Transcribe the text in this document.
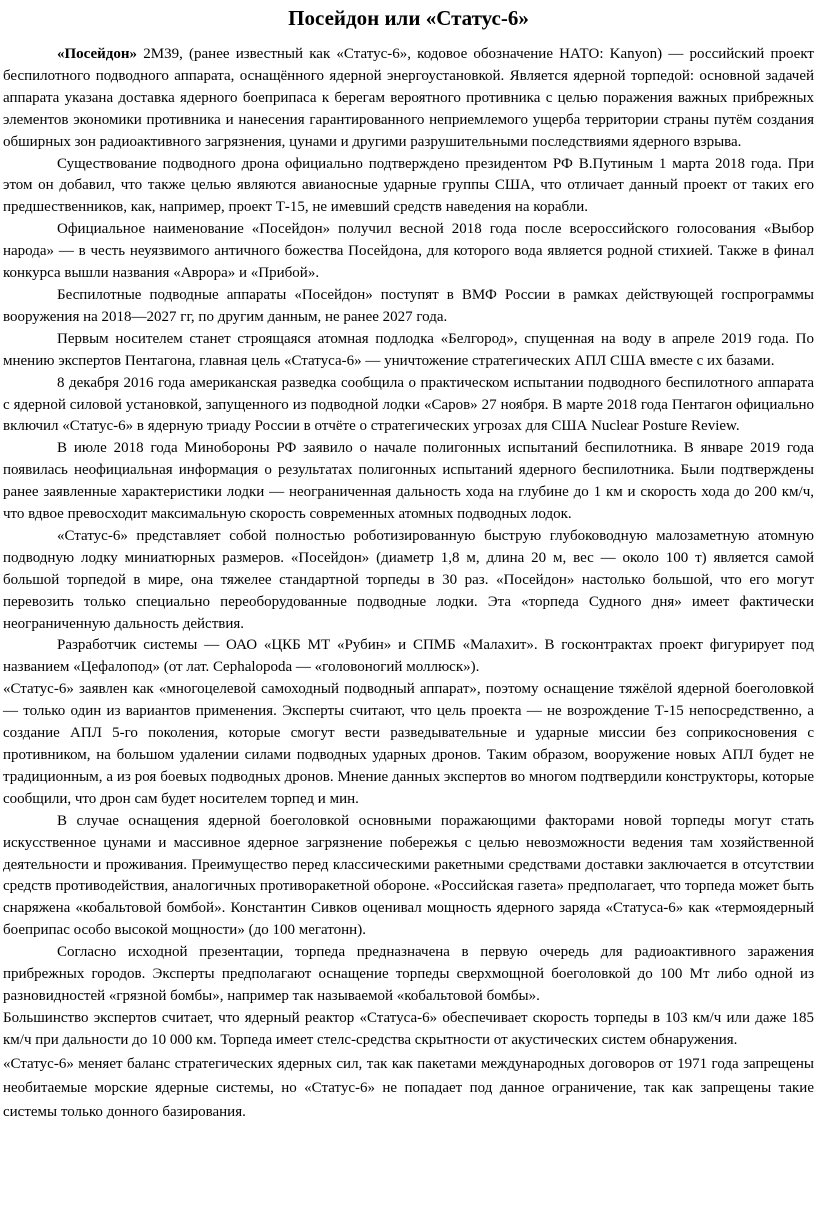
Посейдон или «Статус-6»

«Посейдон» 2М39, (ранее известный как «Статус-6», кодовое обозначение НАТО: Kanyon) — российский проект беспилотного подводного аппарата, оснащённого ядерной энергоустановкой. Является ядерной торпедой: основной задачей аппарата указана доставка ядерного боеприпаса к берегам вероятного противника с целью поражения важных прибрежных элементов экономики противника и нанесения гарантированного неприемлемого ущерба территории страны путём создания обширных зон радиоактивного загрязнения, цунами и другими разрушительными последствиями ядерного взрыва.

Существование подводного дрона официально подтверждено президентом РФ В.Путиным 1 марта 2018 года. При этом он добавил, что также целью являются авианосные ударные группы США, что отличает данный проект от таких его предшественников, как, например, проект Т-15, не имевший средств наведения на корабли.

Официальное наименование «Посейдон» получил весной 2018 года после всероссийского голосования «Выбор народа» — в честь неуязвимого античного божества Посейдона, для которого вода является родной стихией. Также в финал конкурса вышли названия «Аврора» и «Прибой».

Беспилотные подводные аппараты «Посейдон» поступят в ВМФ России в рамках действующей госпрограммы вооружения на 2018—2027 гг, по другим данным, не ранее 2027 года.

Первым носителем станет строящаяся атомная подлодка «Белгород», спущенная на воду в апреле 2019 года. По мнению экспертов Пентагона, главная цель «Статуса-6» — уничтожение стратегических АПЛ США вместе с их базами.

8 декабря 2016 года американская разведка сообщила о практическом испытании подводного беспилотного аппарата с ядерной силовой установкой, запущенного из подводной лодки «Саров» 27 ноября. В марте 2018 года Пентагон официально включил «Статус-6» в ядерную триаду России в отчёте о стратегических угрозах для США Nuclear Posture Review.

В июле 2018 года Минобороны РФ заявило о начале полигонных испытаний беспилотника. В январе 2019 года появилась неофициальная информация о результатах полигонных испытаний ядерного беспилотника. Были подтверждены ранее заявленные характеристики лодки — неограниченная дальность хода на глубине до 1 км и скорость хода до 200 км/ч, что вдвое превосходит максимальную скорость современных атомных подводных лодок.

«Статус-6» представляет собой полностью роботизированную быструю глубоководную малозаметную атомную подводную лодку миниатюрных размеров. «Посейдон» (диаметр 1,8 м, длина 20 м, вес — около 100 т) является самой большой торпедой в мире, она тяжелее стандартной торпеды в 30 раз. «Посейдон» настолько большой, что его могут перевозить только специально переоборудованные подводные лодки. Эта «торпеда Судного дня» имеет фактически неограниченную дальность действия.

Разработчик системы — ОАО «ЦКБ МТ «Рубин» и СПМБ «Малахит». В госконтрактах проект фигурирует под названием «Цефалопод» (от лат. Cephalopoda — «головоногий моллюск»).

«Статус-6» заявлен как «многоцелевой самоходный подводный аппарат», поэтому оснащение тяжёлой ядерной боеголовкой — только один из вариантов применения. Эксперты считают, что цель проекта — не возрождение Т-15 непосредственно, а создание АПЛ 5-го поколения, которые смогут вести разведывательные и ударные миссии без соприкосновения с противником, на большом удалении силами подводных ударных дронов. Таким образом, вооружение новых АПЛ будет не традиционным, а из роя боевых подводных дронов. Мнение данных экспертов во многом подтвердили конструкторы, которые сообщили, что дрон сам будет носителем торпед и мин.

В случае оснащения ядерной боеголовкой основными поражающими факторами новой торпеды могут стать искусственное цунами и массивное ядерное загрязнение побережья с целью невозможности ведения там хозяйственной деятельности и проживания. Преимущество перед классическими ракетными средствами доставки заключается в отсутствии средств противодействия, аналогичных противоракетной обороне. «Российская газета» предполагает, что торпеда может быть снаряжена «кобальтовой бомбой». Константин Сивков оценивал мощность ядерного заряда «Статуса-6» как «термоядерный боеприпас особо высокой мощности» (до 100 мегатонн).

Согласно исходной презентации, торпеда предназначена в первую очередь для радиоактивного заражения прибрежных городов. Эксперты предполагают оснащение торпеды сверхмощной боеголовкой до 100 Мт либо одной из разновидностей «грязной бомбы», например так называемой «кобальтовой бомбы».

Большинство экспертов считает, что ядерный реактор «Статуса-6» обеспечивает скорость торпеды в 103 км/ч или даже 185 км/ч при дальности до 10 000 км. Торпеда имеет стелс-средства скрытности от акустических систем обнаружения.

«Статус-6» меняет баланс стратегических ядерных сил, так как пакетами международных договоров от 1971 года запрещены необитаемые морские ядерные системы, но «Статус-6» не попадает под данное ограничение, так как запрещены такие системы только донного базирования.
